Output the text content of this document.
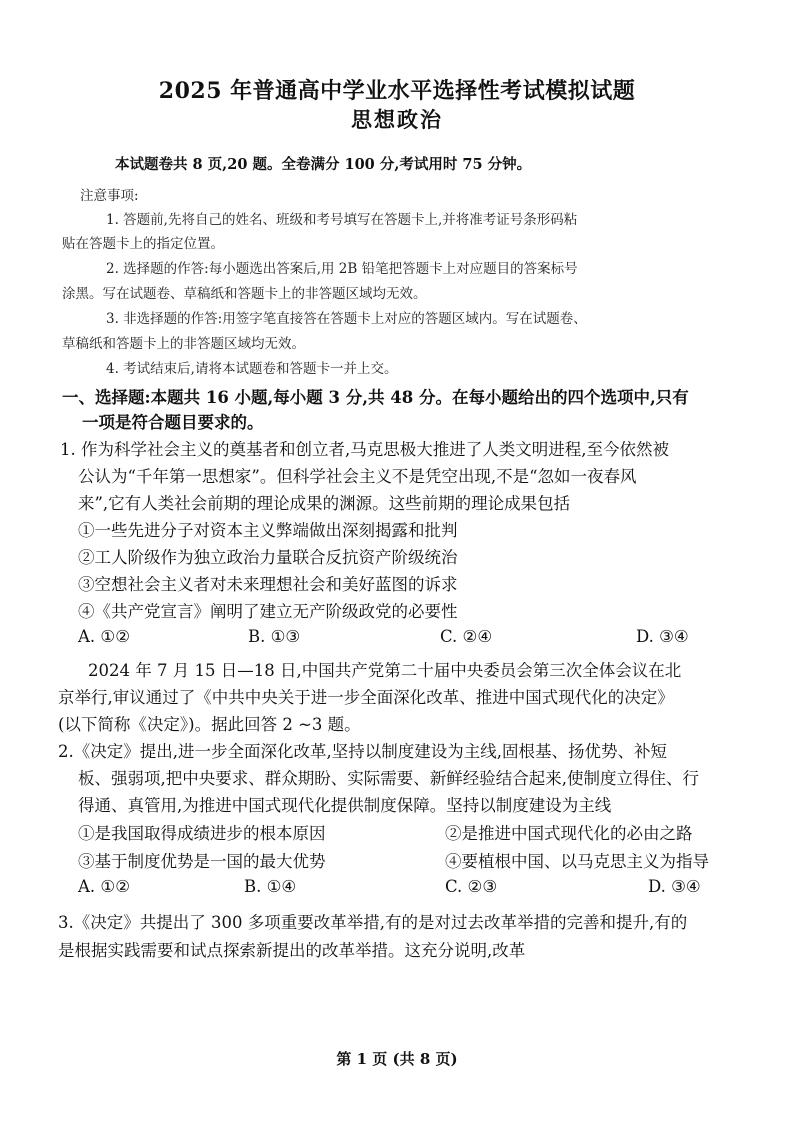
2025 年普通高中学业水平选择性考试模拟试题
思想政治
本试题卷共 8 页,20 题。全卷满分 100 分,考试用时 75 分钟。
注意事项:
1. 答题前,先将自己的姓名、班级和考号填写在答题卡上,并将准考证号条形码粘
贴在答题卡上的指定位置。
2. 选择题的作答:每小题选出答案后,用 2B 铅笔把答题卡上对应题目的答案标号
涂黑。写在试题卷、草稿纸和答题卡上的非答题区域均无效。
3. 非选择题的作答:用签字笔直接答在答题卡上对应的答题区域内。写在试题卷、
草稿纸和答题卡上的非答题区域均无效。
4. 考试结束后,请将本试题卷和答题卡一并上交。
一、选择题:本题共 16 小题,每小题 3 分,共 48 分。在每小题给出的四个选项中,只有
一项是符合题目要求的。
1. 作为科学社会主义的奠基者和创立者,马克思极大推进了人类文明进程,至今依然被
公认为“千年第一思想家”。但科学社会主义不是凭空出现,不是“忽如一夜春风
来”,它有人类社会前期的理论成果的渊源。这些前期的理论成果包括
①一些先进分子对资本主义弊端做出深刻揭露和批判
②工人阶级作为独立政治力量联合反抗资产阶级统治
③空想社会主义者对未来理想社会和美好蓝图的诉求
④《共产党宣言》阐明了建立无产阶级政党的必要性
A. ①②	B. ①③	C. ②④	D. ③④
2024 年 7 月 15 日—18 日,中国共产党第二十届中央委员会第三次全体会议在北
京举行,审议通过了《中共中央关于进一步全面深化改革、推进中国式现代化的决定》
(以下简称《决定》)。据此回答 2 ~3 题。
2.《决定》提出,进一步全面深化改革,坚持以制度建设为主线,固根基、扬优势、补短
板、强弱项,把中央要求、群众期盼、实际需要、新鲜经验结合起来,使制度立得住、行
得通、真管用,为推进中国式现代化提供制度保障。坚持以制度建设为主线
①是我国取得成绩进步的根本原因	②是推进中国式现代化的必由之路
③基于制度优势是一国的最大优势	④要植根中国、以马克思主义为指导
A. ①②	B. ①④	C. ②③	D. ③④
3.《决定》共提出了 300 多项重要改革举措,有的是对过去改革举措的完善和提升,有的
是根据实践需要和试点探索新提出的改革举措。这充分说明,改革
第 1 页 (共 8 页)
